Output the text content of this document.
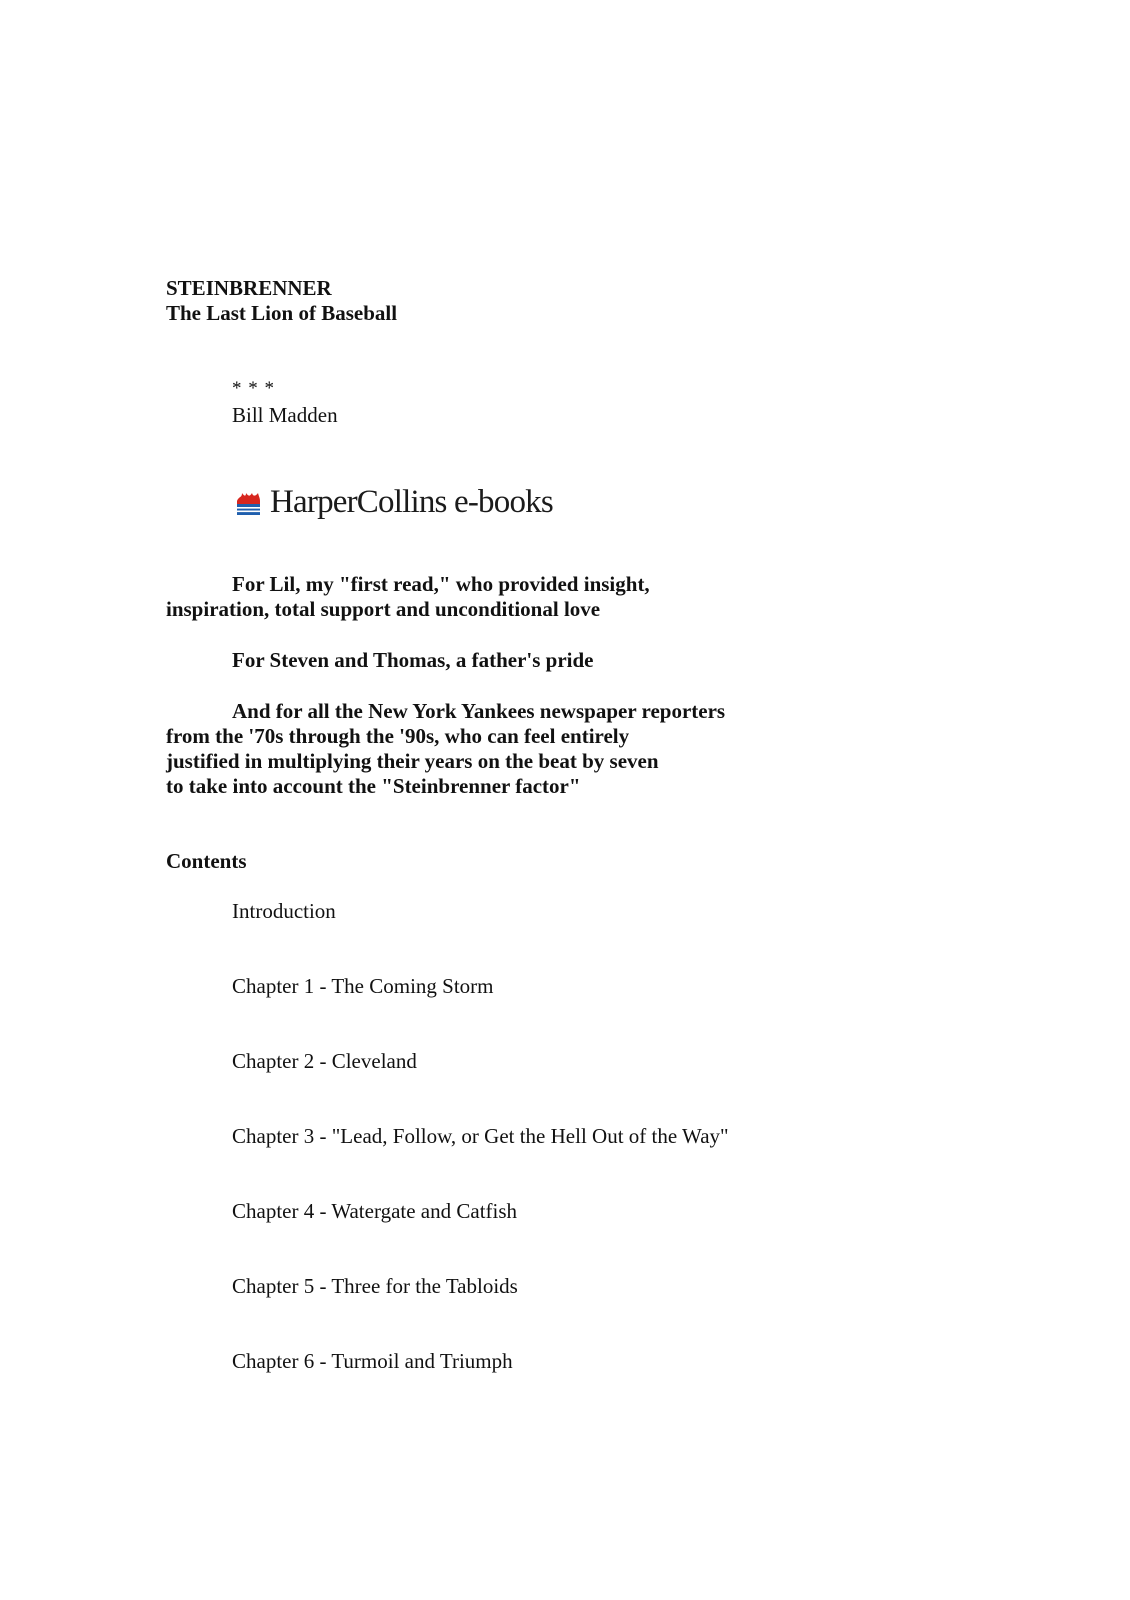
STEINBRENNER
The Last Lion of Baseball
* * *
Bill Madden
HarperCollins e-books
For Lil, my "first read," who provided insight,
inspiration, total support and unconditional love
For Steven and Thomas, a father's pride
And for all the New York Yankees newspaper reporters
from the '70s through the '90s, who can feel entirely
justified in multiplying their years on the beat by seven
to take into account the "Steinbrenner factor"
Contents
Introduction
Chapter 1 - The Coming Storm
Chapter 2 - Cleveland
Chapter 3 - "Lead, Follow, or Get the Hell Out of the Way"
Chapter 4 - Watergate and Catfish
Chapter 5 - Three for the Tabloids
Chapter 6 - Turmoil and Triumph
